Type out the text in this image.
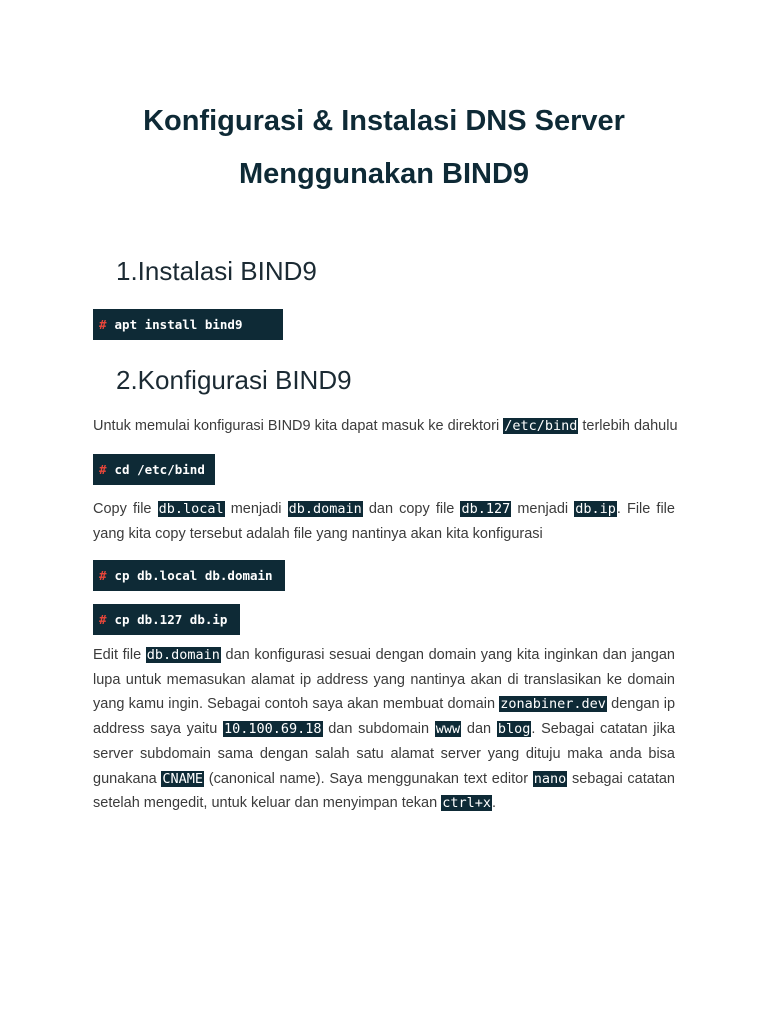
Konfigurasi & Instalasi DNS Server
Menggunakan BIND9
1.Instalasi BIND9
# apt install bind9
2.Konfigurasi BIND9

Untuk memulai konfigurasi BIND9 kita dapat masuk ke direktori /etc/bind terlebih dahulu

# cd /etc/bind

Copy file db.local menjadi db.domain dan copy file db.127 menjadi db.ip. File file yang kita copy tersebut adalah file yang nantinya akan kita konfigurasi

# cp db.local db.domain
# cp db.127 db.ip

Edit file db.domain dan konfigurasi sesuai dengan domain yang kita inginkan dan jangan lupa untuk memasukan alamat ip address yang nantinya akan di translasikan ke domain yang kamu ingin. Sebagai contoh saya akan membuat domain zonabiner.dev dengan ip address saya yaitu 10.100.69.18 dan subdomain www dan blog. Sebagai catatan jika server subdomain sama dengan salah satu alamat server yang dituju maka anda bisa gunakana CNAME (canonical name). Saya menggunakan text editor nano sebagai catatan setelah mengedit, untuk keluar dan menyimpan tekan ctrl+x.
